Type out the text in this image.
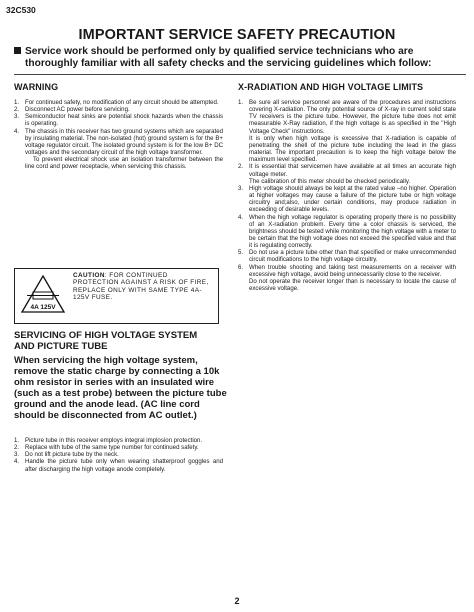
32C530
IMPORTANT SERVICE SAFETY PRECAUTION
Service work should be performed only by qualified service technicians who are
thoroughly familiar with all safety checks and the servicing guidelines which follow:
WARNING
1. For continued safety, no modification of any circuit should be attempted.
2. Disconnect AC power before servicing.
3. Semiconductor heat sinks are potential shock hazards when the chassis is operating.
4. The chassis in this receiver has two ground systems which are separated by insulating material. The non-isolated (hot) ground system is for the B+ voltage regulator circuit. The isolated ground system is for the low B+ DC voltages and the secondary circuit of the high voltage transformer.
To prevent electrical shock use an isolation transformer between the line cord and power receptacle, when servicing this chassis.
4A 125V
CAUTION: FOR CONTINUED PROTECTION AGAINST A RISK OF FIRE, REPLACE ONLY WITH SAME TYPE 4A-125V FUSE.
SERVICING OF HIGH VOLTAGE SYSTEM
AND PICTURE TUBE
When servicing the high voltage system, remove the static charge by connecting a 10k ohm resistor in series with an insulated wire (such as a test probe) between the picture tube ground and the anode lead. (AC line cord should be disconnected from AC outlet.)
1. Picture tube in this receiver employs integral implosion protection.
2. Replace with tube of the same type number for continued safety.
3. Do not lift picture tube by the neck.
4. Handle the picture tube only when wearing shatterproof goggles and after discharging the high voltage anode completely.
X-RADIATION AND HIGH VOLTAGE LIMITS
1. Be sure all service personnel are aware of the procedures and instructions covering X-radiation. The only potential source of X-ray in current solid state TV receivers is the picture tube. However, the picture tube does not emit measurable X-Ray radiation, if the high voltage is as specified in the "High Voltage Check" instructions.
It is only when high voltage is excessive that X-radiation is capable of penetrating the shell of the picture tube including the lead in the glass material. The important precaution is to keep the high voltage below the maximum level specified.
2. It is essential that servicemen have available at all times an accurate high voltage meter.
The calibration of this meter should be checked periodically.
3. High voltage should always be kept at the rated value –no higher. Operation at higher voltages may cause a failure of the picture tube or high voltage circuitry and;also, under certain conditions, may produce radiation in exceeding of desirable levels.
4. When the high voltage regulator is operating properly there is no possibility of an X-radiation problem. Every time a color chassis is serviced, the brightness should be tested while monitoring the high voltage with a meter to be certain that the high voltage does not exceed the specified value and that it is regulating correctly.
5. Do not use a picture tube other than that specified or make unrecommended circuit modifications to the high voltage circuitry.
6. When trouble shooting and taking test measurements on a receiver with excessive high voltage, avoid being unnecessarily close to the receiver.
Do not operate the receiver longer than is necessary to locate the cause of excessive voltage.
2
